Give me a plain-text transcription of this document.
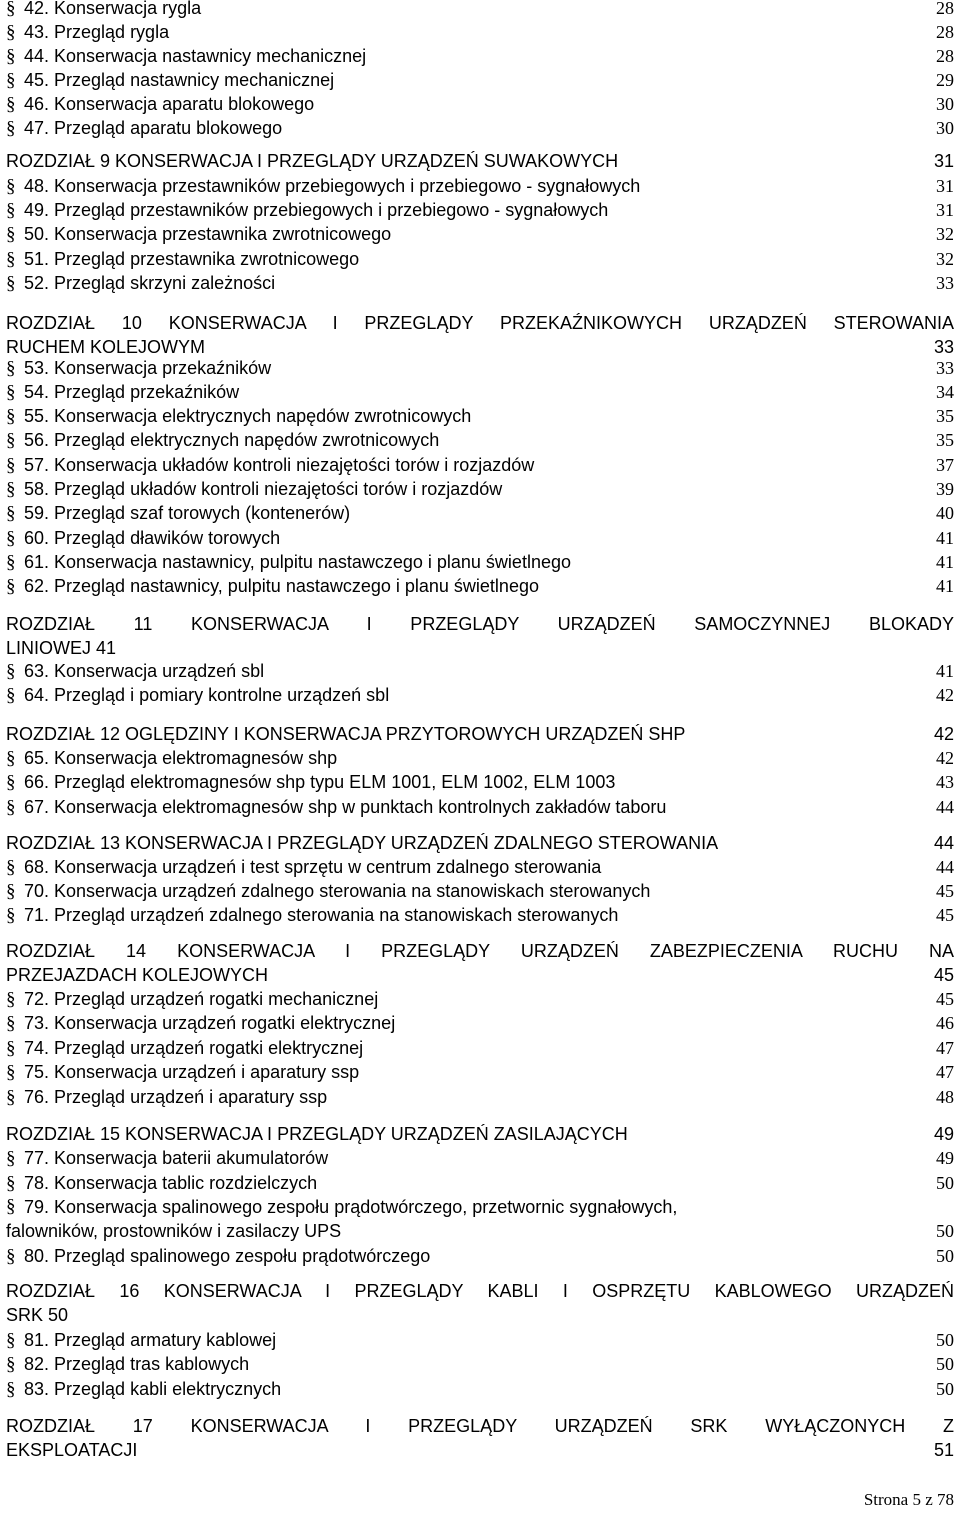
§ 42. Konserwacja rygla	28
§ 43. Przegląd rygla	28
§ 44. Konserwacja nastawnicy mechanicznej	28
§ 45. Przegląd nastawnicy mechanicznej	29
§ 46. Konserwacja aparatu blokowego	30
§ 47. Przegląd aparatu blokowego	30
ROZDZIAŁ 9 KONSERWACJA I PRZEGLĄDY URZĄDZEŃ SUWAKOWYCH	31
§ 48. Konserwacja przestawników przebiegowych i przebiegowo - sygnałowych	31
§ 49. Przegląd przestawników przebiegowych i przebiegowo - sygnałowych	31
§ 50. Konserwacja przestawnika zwrotnicowego	32
§ 51. Przegląd przestawnika zwrotnicowego	32
§ 52. Przegląd skrzyni zależności	33
ROZDZIAŁ 10 KONSERWACJA I PRZEGLĄDY PRZEKAŹNIKOWYCH URZĄDZEŃ STEROWANIA
RUCHEM KOLEJOWYM	33
§ 53. Konserwacja przekaźników	33
§ 54. Przegląd przekaźników	34
§ 55. Konserwacja elektrycznych napędów zwrotnicowych	35
§ 56. Przegląd elektrycznych napędów zwrotnicowych	35
§ 57. Konserwacja układów kontroli niezajętości torów i rozjazdów	37
§ 58. Przegląd układów kontroli niezajętości torów i rozjazdów	39
§ 59. Przegląd szaf torowych (kontenerów)	40
§ 60. Przegląd dławików torowych	41
§ 61. Konserwacja nastawnicy, pulpitu nastawczego i planu świetlnego	41
§ 62. Przegląd nastawnicy, pulpitu nastawczego i planu świetlnego	41
ROZDZIAŁ 11 KONSERWACJA I PRZEGLĄDY URZĄDZEŃ SAMOCZYNNEJ BLOKADY
LINIOWEJ 41
§ 63. Konserwacja urządzeń sbl	41
§ 64. Przegląd i pomiary kontrolne urządzeń sbl	42
ROZDZIAŁ 12 OGLĘDZINY I KONSERWACJA PRZYTOROWYCH URZĄDZEŃ SHP	42
§ 65. Konserwacja elektromagnesów shp	42
§ 66. Przegląd elektromagnesów shp typu ELM 1001, ELM 1002, ELM 1003	43
§ 67. Konserwacja elektromagnesów shp w punktach kontrolnych zakładów taboru	44
ROZDZIAŁ 13 KONSERWACJA I PRZEGLĄDY URZĄDZEŃ ZDALNEGO STEROWANIA	44
§ 68. Konserwacja urządzeń i test sprzętu w centrum zdalnego sterowania	44
§ 70. Konserwacja urządzeń zdalnego sterowania na stanowiskach sterowanych	45
§ 71. Przegląd urządzeń zdalnego sterowania na stanowiskach sterowanych	45
ROZDZIAŁ 14 KONSERWACJA I PRZEGLĄDY URZĄDZEŃ ZABEZPIECZENIA RUCHU NA
PRZEJAZDACH KOLEJOWYCH	45
§ 72. Przegląd urządzeń rogatki mechanicznej	45
§ 73. Konserwacja urządzeń rogatki elektrycznej	46
§ 74. Przegląd urządzeń rogatki elektrycznej	47
§ 75. Konserwacja urządzeń i aparatury ssp	47
§ 76. Przegląd urządzeń i aparatury ssp	48
ROZDZIAŁ 15 KONSERWACJA I PRZEGLĄDY URZĄDZEŃ ZASILAJĄCYCH	49
§ 77. Konserwacja baterii akumulatorów	49
§ 78. Konserwacja tablic rozdzielczych	50
§ 79. Konserwacja spalinowego zespołu prądotwórczego, przetwornic sygnałowych,
falowników, prostowników i zasilaczy UPS	50
§ 80. Przegląd spalinowego zespołu prądotwórczego	50
ROZDZIAŁ 16 KONSERWACJA I PRZEGLĄDY KABLI I OSPRZĘTU KABLOWEGO URZĄDZEŃ
SRK 50
§ 81. Przegląd armatury kablowej	50
§ 82. Przegląd tras kablowych	50
§ 83. Przegląd kabli elektrycznych	50
ROZDZIAŁ 17 KONSERWACJA I PRZEGLĄDY URZĄDZEŃ SRK WYŁĄCZONYCH Z
EKSPLOATACJI	51
Strona 5 z 78
